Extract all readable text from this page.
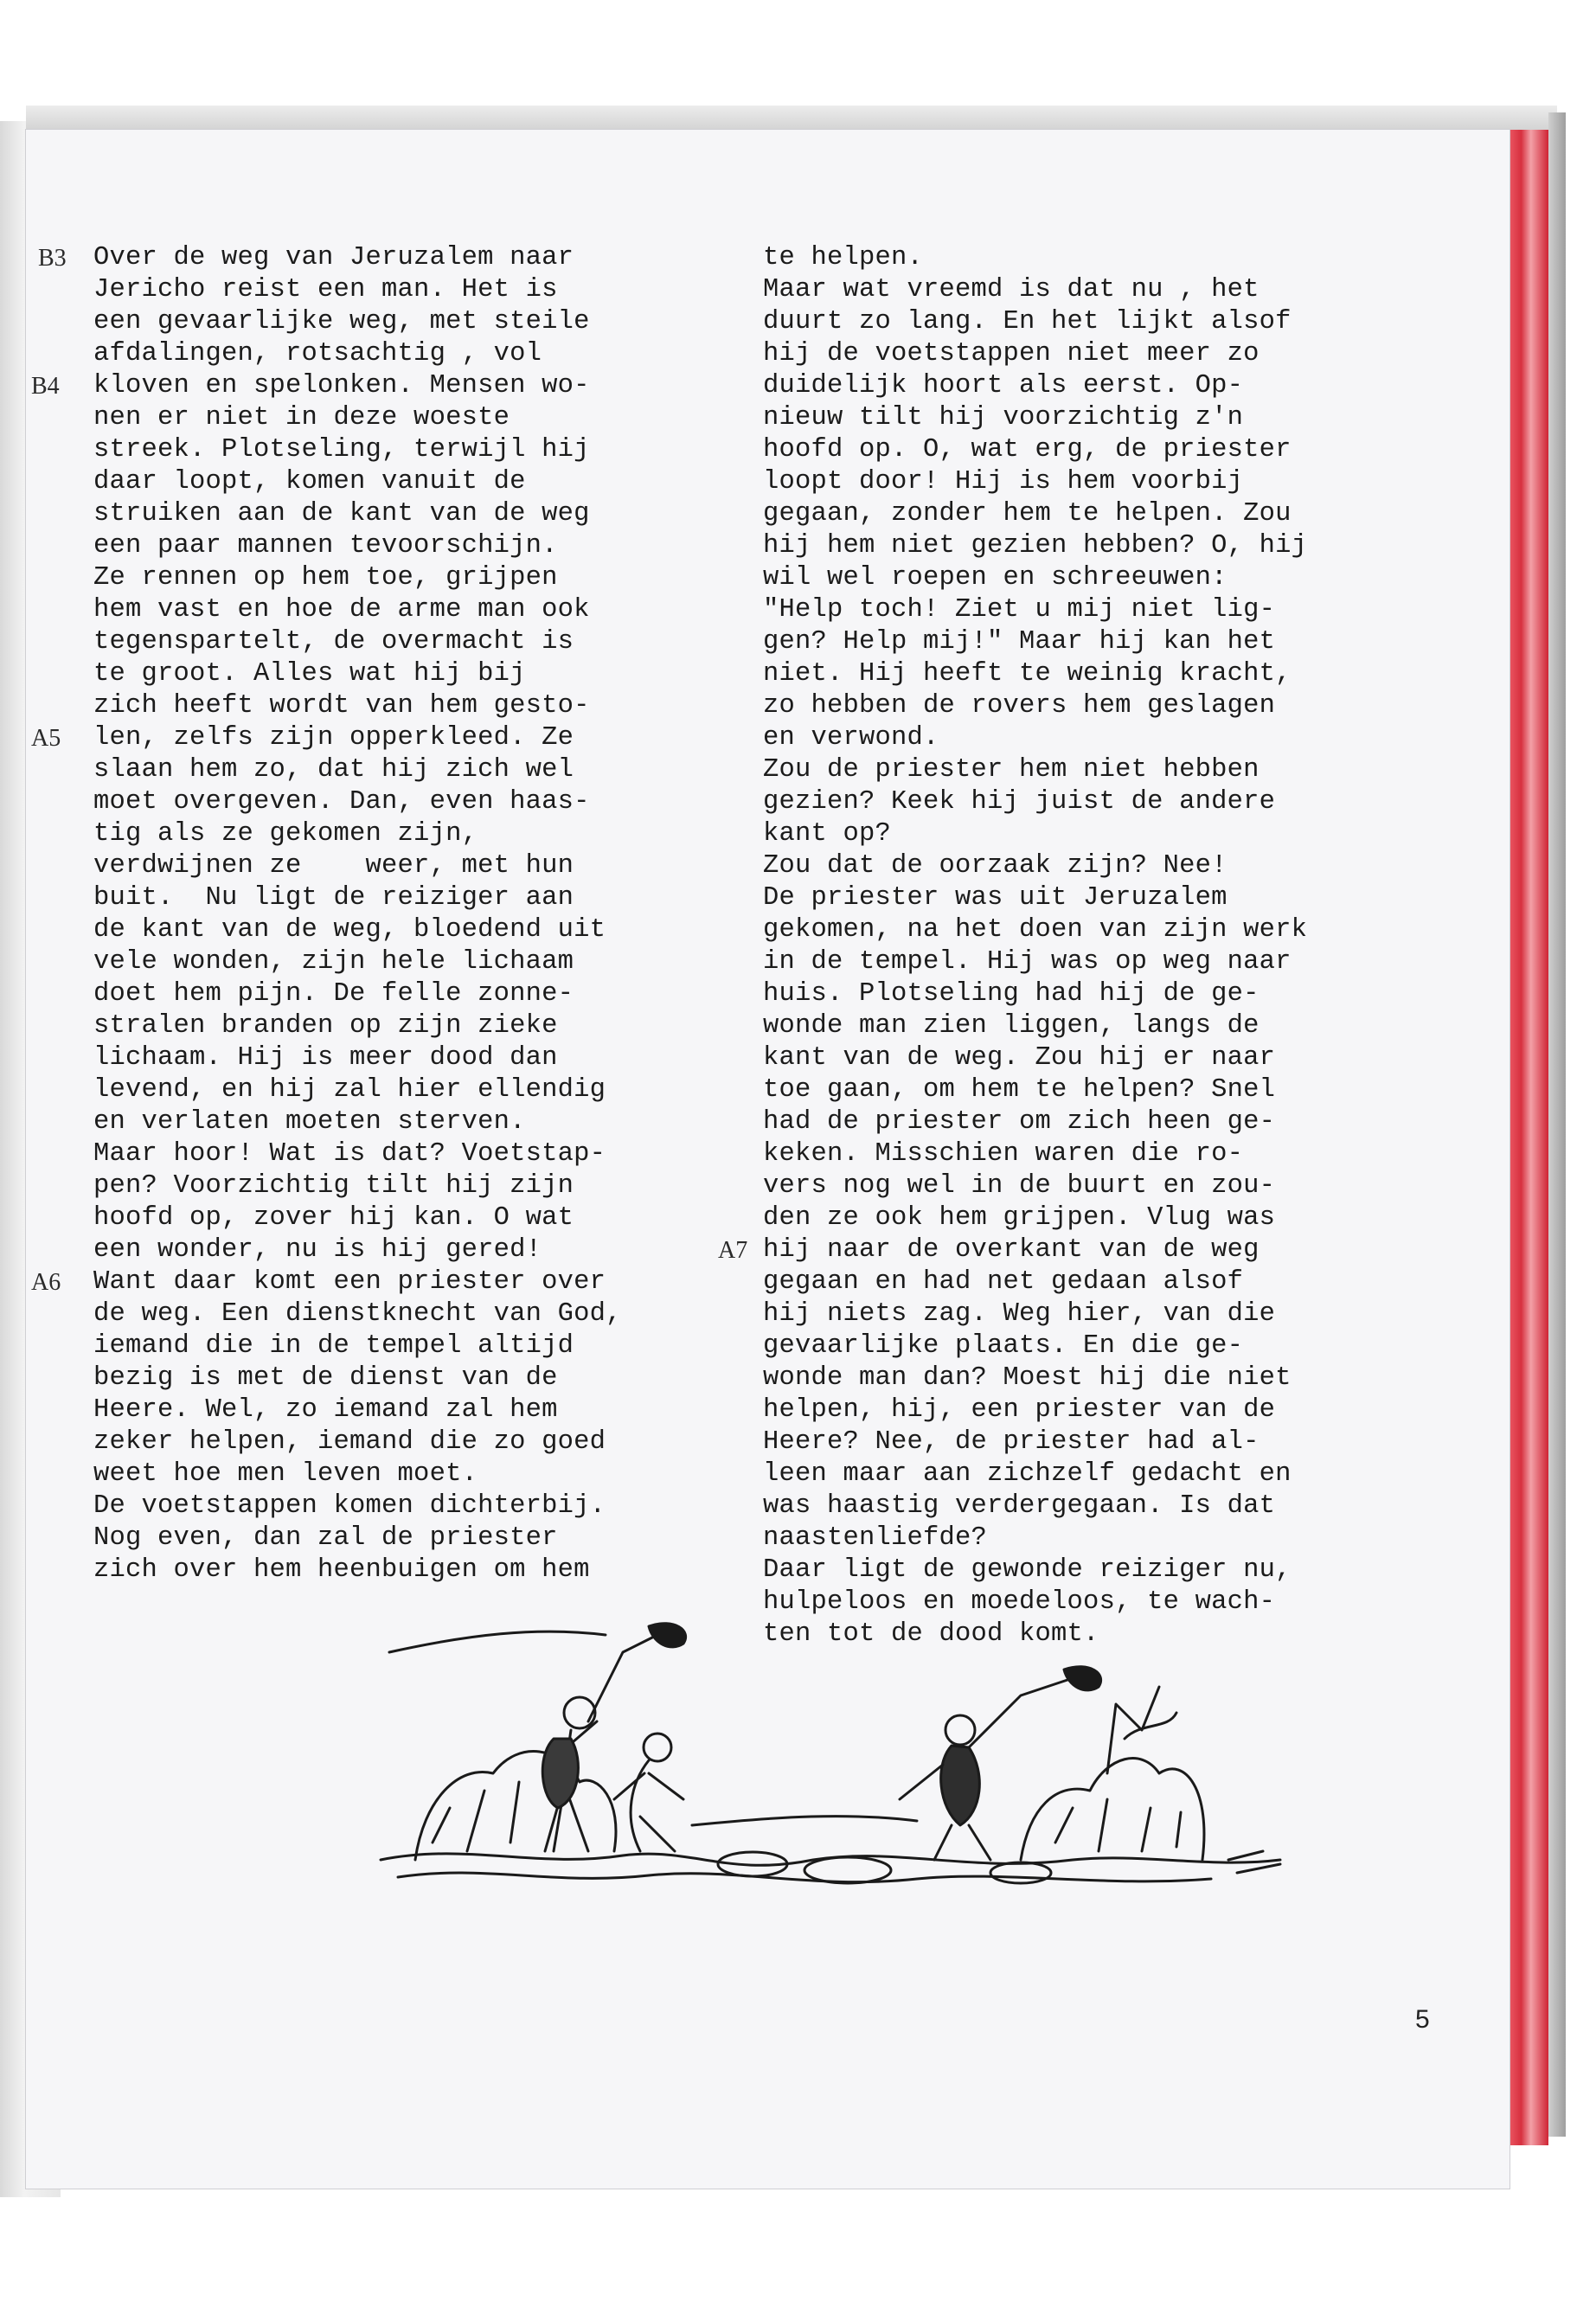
B3
B4
A5
A6
A7
Over de weg van Jeruzalem naar
Jericho reist een man. Het is
een gevaarlijke weg, met steile
afdalingen, rotsachtig , vol
kloven en spelonken. Mensen wo-
nen er niet in deze woeste
streek. Plotseling, terwijl hij
daar loopt, komen vanuit de
struiken aan de kant van de weg
een paar mannen tevoorschijn.
Ze rennen op hem toe, grijpen
hem vast en hoe de arme man ook
tegenspartelt, de overmacht is
te groot. Alles wat hij bij
zich heeft wordt van hem gesto-
len, zelfs zijn opperkleed. Ze
slaan hem zo, dat hij zich wel
moet overgeven. Dan, even haas-
tig als ze gekomen zijn,
verdwijnen ze    weer, met hun
buit.  Nu ligt de reiziger aan
de kant van de weg, bloedend uit
vele wonden, zijn hele lichaam
doet hem pijn. De felle zonne-
stralen branden op zijn zieke
lichaam. Hij is meer dood dan
levend, en hij zal hier ellendig
en verlaten moeten sterven.
Maar hoor! Wat is dat? Voetstap-
pen? Voorzichtig tilt hij zijn
hoofd op, zover hij kan. O wat
een wonder, nu is hij gered!
Want daar komt een priester over
de weg. Een dienstknecht van God,
iemand die in de tempel altijd
bezig is met de dienst van de
Heere. Wel, zo iemand zal hem
zeker helpen, iemand die zo goed
weet hoe men leven moet.
De voetstappen komen dichterbij.
Nog even, dan zal de priester
zich over hem heenbuigen om hem
te helpen.
Maar wat vreemd is dat nu , het
duurt zo lang. En het lijkt alsof
hij de voetstappen niet meer zo
duidelijk hoort als eerst. Op-
nieuw tilt hij voorzichtig z'n
hoofd op. O, wat erg, de priester
loopt door! Hij is hem voorbij
gegaan, zonder hem te helpen. Zou
hij hem niet gezien hebben? O, hij
wil wel roepen en schreeuwen:
"Help toch! Ziet u mij niet lig-
gen? Help mij!" Maar hij kan het
niet. Hij heeft te weinig kracht,
zo hebben de rovers hem geslagen
en verwond.
Zou de priester hem niet hebben
gezien? Keek hij juist de andere
kant op?
Zou dat de oorzaak zijn? Nee!
De priester was uit Jeruzalem
gekomen, na het doen van zijn werk
in de tempel. Hij was op weg naar
huis. Plotseling had hij de ge-
wonde man zien liggen, langs de
kant van de weg. Zou hij er naar
toe gaan, om hem te helpen? Snel
had de priester om zich heen ge-
keken. Misschien waren die ro-
vers nog wel in de buurt en zou-
den ze ook hem grijpen. Vlug was
hij naar de overkant van de weg
gegaan en had net gedaan alsof
hij niets zag. Weg hier, van die
gevaarlijke plaats. En die ge-
wonde man dan? Moest hij die niet
helpen, hij, een priester van de
Heere? Nee, de priester had al-
leen maar aan zichzelf gedacht en
was haastig verdergegaan. Is dat
naastenliefde?
Daar ligt de gewonde reiziger nu,
hulpeloos en moedeloos, te wach-
ten tot de dood komt.
5
